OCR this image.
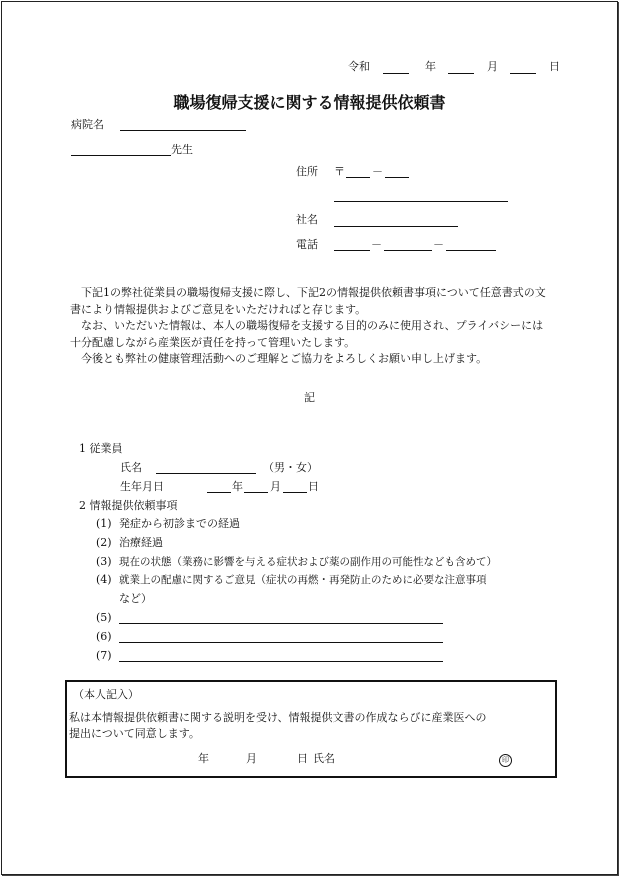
令和	年	月	日
職場復帰支援に関する情報提供依頼書
病院名
先生
住所 〒 －
社名
電話	－	－
下記1の弊社従業員の職場復帰支援に際し、下記2の情報提供依頼書事項について任意書式の文書により情報提供およびご意見をいただければと存じます。
なお、いただいた情報は、本人の職場復帰を支援する目的のみに使用され、プライバシーには十分配慮しながら産業医が責任を持って管理いたします。
今後とも弊社の健康管理活動へのご理解とご協力をよろしくお願い申し上げます。
記
1 従業員
氏名	（男・女）
生年月日	年 月 日
2 情報提供依頼事項
(1) 発症から初診までの経過
(2) 治療経過
(3) 現在の状態（業務に影響を与える症状および薬の副作用の可能性なども含めて）
(4) 就業上の配慮に関するご意見（症状の再燃・再発防止のために必要な注意事項
など）
(5)
(6)
(7)
（本人記入）
私は本情報提供依頼書に関する説明を受け、情報提供文書の作成ならびに産業医への
提出について同意します。
年	月	日 氏名	印
